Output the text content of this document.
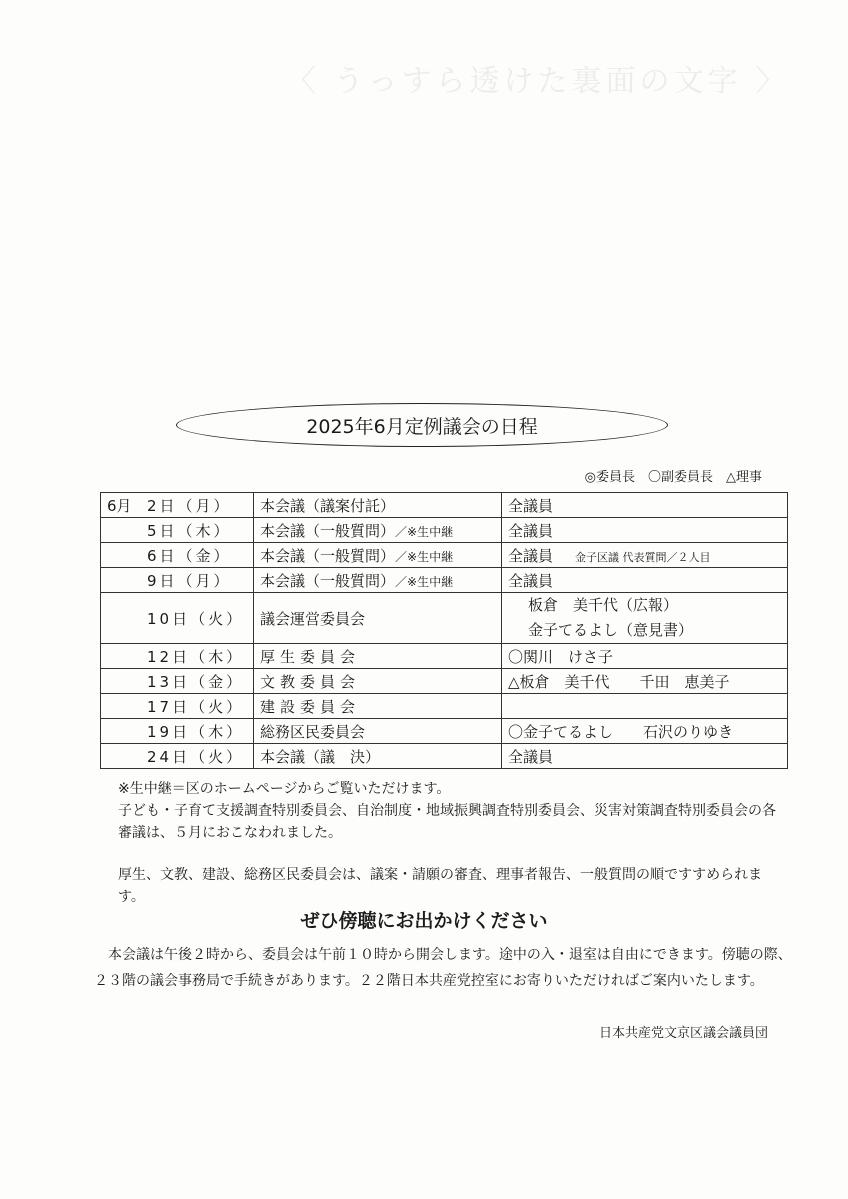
〈 うっすら透けた裏面の文字 〉
2025年6月定例議会の日程
◎委員長　〇副委員長　△理事
6月 2日（月）	本会議（議案付託）	全議員
5日（木）	本会議（一般質問）／※生中継	全議員
6日（金）	本会議（一般質問）／※生中継	全議員 金子区議 代表質問／２人目
9日（月）	本会議（一般質問）／※生中継	全議員
10日（火）	議会運営委員会	板倉　美千代（広報）
金子てるよし（意見書）

12日（木）	厚生委員会	〇関川　けさ子
13日（金）	文教委員会	△板倉　美千代　　千田　恵美子
17日（火）	建設委員会	
19日（木）	総務区民委員会	〇金子てるよし　　石沢のりゆき
24日（火）	本会議（議　決）	全議員

※生中継＝区のホームページからご覧いただけます。

子ども・子育て支援調査特別委員会、自治制度・地域振興調査特別委員会、災害対策調査特別委員会の各審議は、５月におこなわれました。

厚生、文教、建設、総務区民委員会は、議案・請願の審査、理事者報告、一般質問の順ですすめられます。

ぜひ傍聴にお出かけください
本会議は午後２時から、委員会は午前１０時から開会します。途中の入・退室は自由にできます。傍聴の際、２３階の議会事務局で手続きがあります。２２階日本共産党控室にお寄りいただければご案内いたします。
日本共産党文京区議会議員団
